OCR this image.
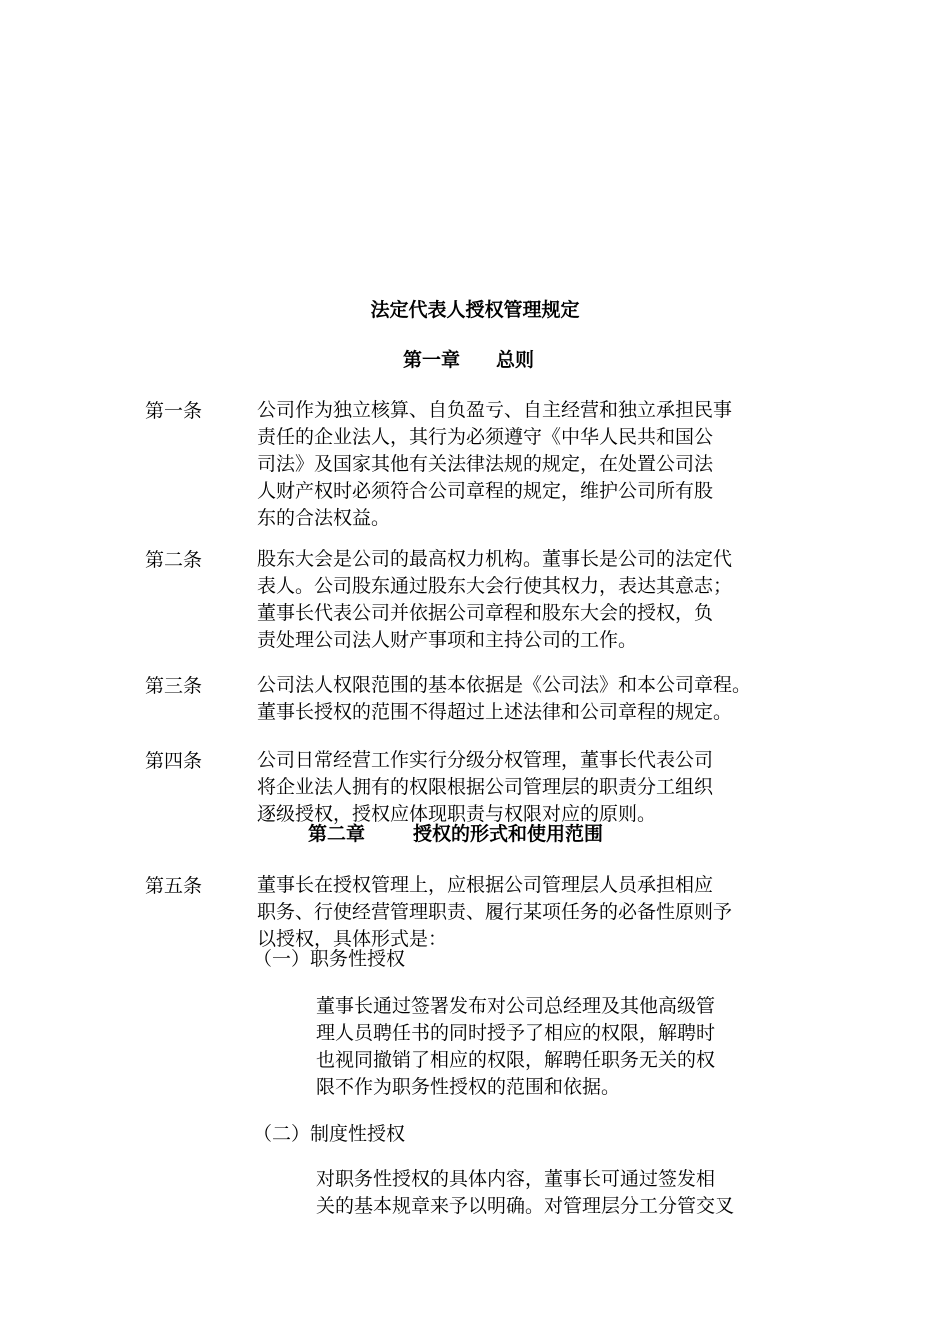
法定代表人授权管理规定
第一章 总则
第一条	公司作为独立核算、自负盈亏、自主经营和独立承担民事
责任的企业法人，其行为必须遵守《中华人民共和国公
司法》及国家其他有关法律法规的规定，在处置公司法
人财产权时必须符合公司章程的规定，维护公司所有股
东的合法权益。
第二条	股东大会是公司的最高权力机构。董事长是公司的法定代
表人。公司股东通过股东大会行使其权力，表达其意志；
董事长代表公司并依据公司章程和股东大会的授权，负
责处理公司法人财产事项和主持公司的工作。
第三条	公司法人权限范围的基本依据是《公司法》和本公司章程。
董事长授权的范围不得超过上述法律和公司章程的规定。
第四条	公司日常经营工作实行分级分权管理，董事长代表公司
将企业法人拥有的权限根据公司管理层的职责分工组织
逐级授权，授权应体现职责与权限对应的原则。
第二章	授权的形式和使用范围
第五条	董事长在授权管理上，应根据公司管理层人员承担相应
职务、行使经营管理职责、履行某项任务的必备性原则予
以授权，具体形式是：
（一）职务性授权
董事长通过签署发布对公司总经理及其他高级管
理人员聘任书的同时授予了相应的权限，解聘时
也视同撤销了相应的权限，解聘任职务无关的权
限不作为职务性授权的范围和依据。
（二）制度性授权
对职务性授权的具体内容，董事长可通过签发相
关的基本规章来予以明确。对管理层分工分管交叉
